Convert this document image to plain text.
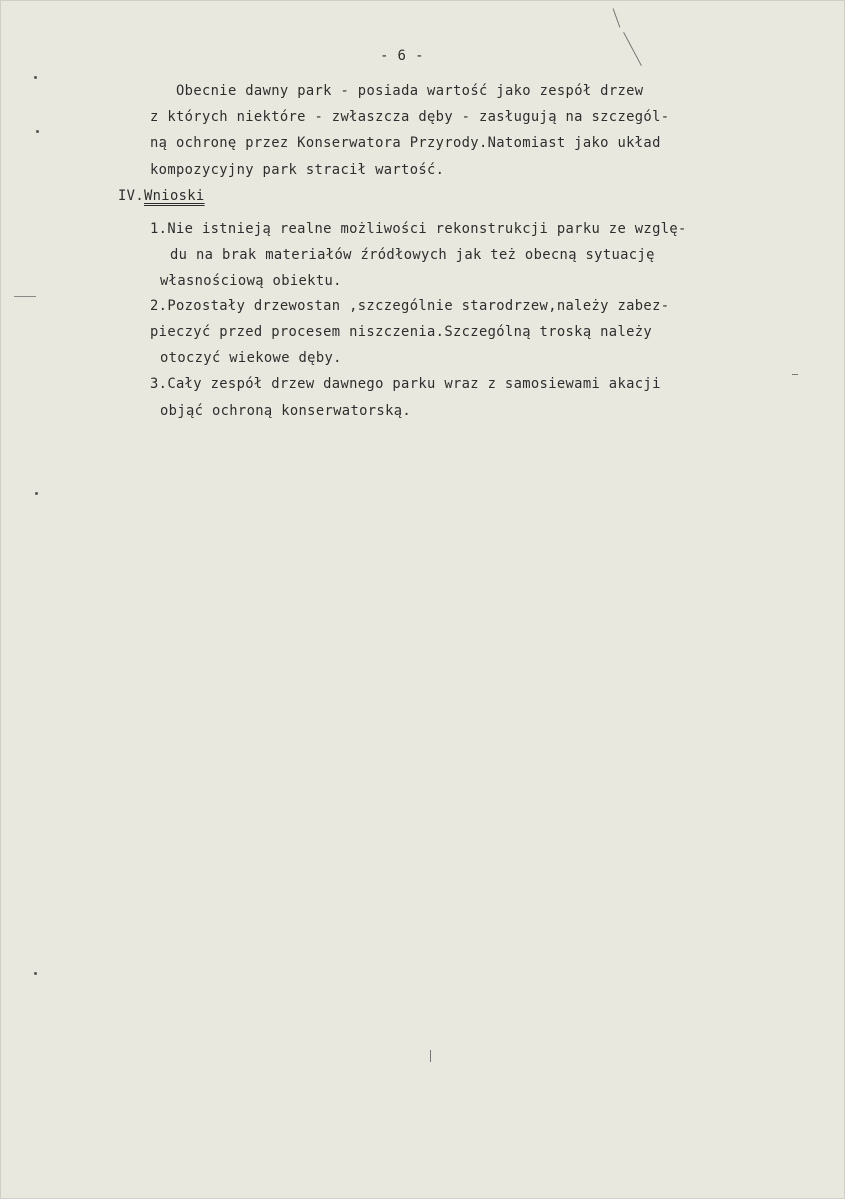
- 6 -
Obecnie dawny park - posiada wartość jako zespół drzew
z których niektóre - zwłaszcza dęby - zasługują na szczegól-
ną ochronę przez Konserwatora Przyrody.Natomiast jako układ
kompozycyjny park stracił wartość.
IV.Wnioski
1.Nie istnieją realne możliwości rekonstrukcji parku ze wzglę-
du na brak materiałów źródłowych jak też obecną sytuację
własnościową obiektu.
2.Pozostały drzewostan ,szczególnie starodrzew,należy zabez-
pieczyć przed procesem niszczenia.Szczególną troską należy
otoczyć wiekowe dęby.
3.Cały zespół drzew dawnego parku wraz z samosiewami akacji
objąć ochroną konserwatorską.
